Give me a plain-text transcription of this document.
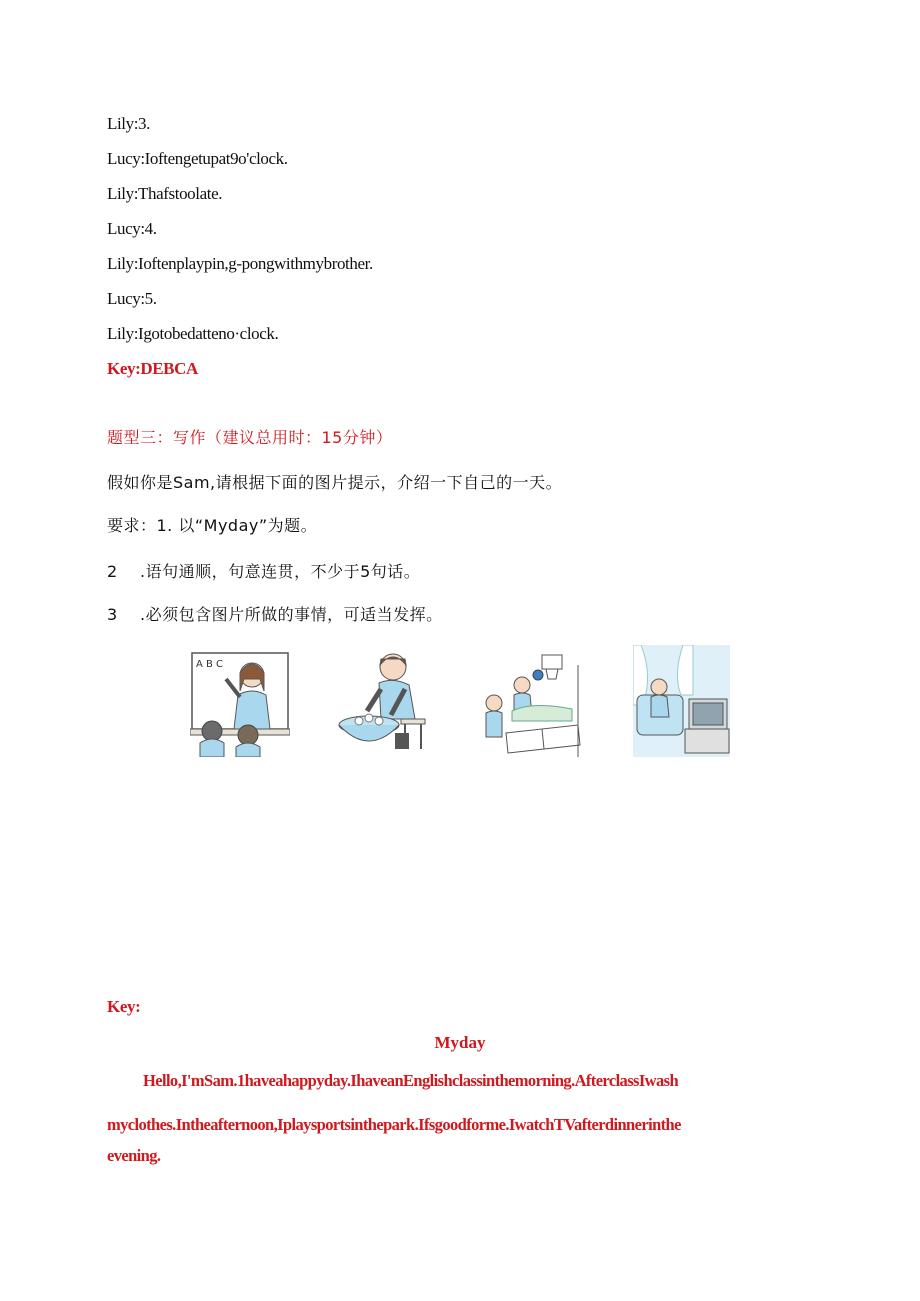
Lily:3.
Lucy:Ioftengetupat9o'clock.
Lily:Thafstoolate.
Lucy:4.
Lily:Ioftenplaypin,g-pongwithmybrother.
Lucy:5.
Lily:Igotobedatteno·clock.
Key:DEBCA
题型三：写作（建议总用时：15分钟）
假如你是Sam,请根据下面的图片提示，介绍一下自己的一天。
要求：1. 以“Myday”为题。
2    .语句通顺，句意连贯，不少于5句话。
3    .必须包含图片所做的事情，可适当发挥。
A B C
Key:
Myday
Hello,I'mSam.1haveahappyday.IhaveanEnglishclassinthemorning.AfterclassIwash
myclothes.Intheafternoon,Iplaysportsinthepark.Ifsgoodforme.IwatchTVafterdinnerinthe
evening.
